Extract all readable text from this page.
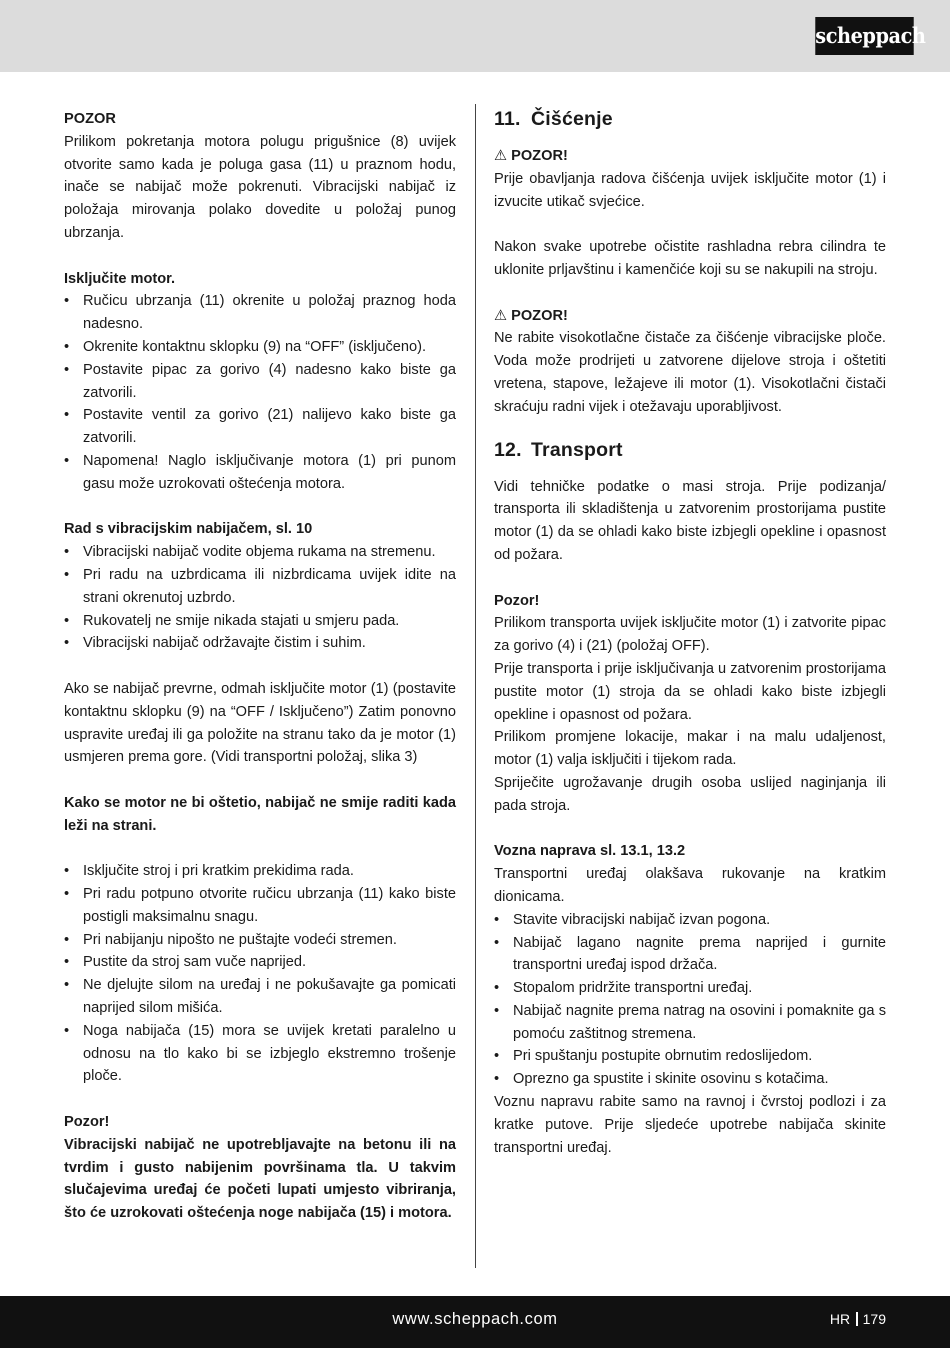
scheppach
POZOR

Prilikom pokretanja motora polugu prigušnice (8) uvijek otvorite samo kada je poluga gasa (11) u praznom hodu, inače se nabijač može pokrenuti. Vibracijski nabijač iz položaja mirovanja polako dovedite u položaj punog ubrzanja.

Isključite motor.
• Ručicu ubrzanja (11) okrenite u položaj praznog hoda nadesno.
• Okrenite kontaktnu sklopku (9) na “OFF” (isključeno).
• Postavite pipac za gorivo (4) nadesno kako biste ga zatvorili.
• Postavite ventil za gorivo (21) nalijevo kako biste ga zatvorili.
• Napomena! Naglo isključivanje motora (1) pri punom gasu može uzrokovati oštećenja motora.
Rad s vibracijskim nabijačem, sl. 10
• Vibracijski nabijač vodite objema rukama na stremenu.
• Pri radu na uzbrdicama ili nizbrdicama uvijek idite na strani okrenutoj uzbrdo.
• Rukovatelj ne smije nikada stajati u smjeru pada.
• Vibracijski nabijač održavajte čistim i suhim.

Ako se nabijač prevrne, odmah isključite motor (1) (postavite kontaktnu sklopku (9) na “OFF / Isključeno”) Zatim ponovno uspravite uređaj ili ga položite na stranu tako da je motor (1) usmjeren prema gore. (Vidi transportni položaj, slika 3)

Kako se motor ne bi oštetio, nabijač ne smije raditi kada leži na strani.

• Isključite stroj i pri kratkim prekidima rada.
• Pri radu potpuno otvorite ručicu ubrzanja (11) kako biste postigli maksimalnu snagu.
• Pri nabijanju nipošto ne puštajte vodeći stremen.
• Pustite da stroj sam vuče naprijed.
• Ne djelujte silom na uređaj i ne pokušavajte ga pomicati naprijed silom mišića.
• Noga nabijača (15) mora se uvijek kretati paralelno u odnosu na tlo kako bi se izbjeglo ekstremno trošenje ploče.
Pozor!

Vibracijski nabijač ne upotrebljavajte na betonu ili na tvrdim i gusto nabijenim površinama tla. U takvim slučajevima uređaj će početi lupati umjesto vibriranja, što će uzrokovati oštećenja noge nabijača (15) i motora.

11. Čišćenje
⚠ POZOR!

Prije obavljanja radova čišćenja uvijek isključite motor (1) i izvucite utikač svjećice.

Nakon svake upotrebe očistite rashladna rebra cilindra te uklonite prljavštinu i kamenčiće koji su se nakupili na stroju.

⚠ POZOR!

Ne rabite visokotlačne čistače za čišćenje vibracijske ploče. Voda može prodrijeti u zatvorene dijelove stroja i oštetiti vretena, stapove, ležajeve ili motor (1). Visokotlačni čistači skraćuju radni vijek i otežavaju uporabljivost.

12. Transport

Vidi tehničke podatke o masi stroja. Prije podizanja/ transporta ili skladištenja u zatvorenim prostorijama pustite motor (1) da se ohladi kako biste izbjegli opekline i opasnost od požara.

Pozor!

Prilikom transporta uvijek isključite motor (1) i zatvorite pipac za gorivo (4) i (21) (položaj OFF).

Prije transporta i prije isključivanja u zatvorenim prostorijama pustite motor (1) stroja da se ohladi kako biste izbjegli opekline i opasnost od požara.

Prilikom promjene lokacije, makar i na malu udaljenost, motor (1) valja isključiti i tijekom rada.

Spriječite ugrožavanje drugih osoba uslijed naginjanja ili pada stroja.

Vozna naprava sl. 13.1, 13.2

Transportni uređaj olakšava rukovanje na kratkim dionicama.

• Stavite vibracijski nabijač izvan pogona.
• Nabijač lagano nagnite prema naprijed i gurnite transportni uređaj ispod držača.
• Stopalom pridržite transportni uređaj.
• Nabijač nagnite prema natrag na osovini i pomaknite ga s pomoću zaštitnog stremena.
• Pri spuštanju postupite obrnutim redoslijedom.
• Oprezno ga spustite i skinite osovinu s kotačima.

Voznu napravu rabite samo na ravnoj i čvrstoj podlozi i za kratke putove. Prije sljedeće upotrebe nabijača skinite transportni uređaj.

www.scheppach.com	HR 179
